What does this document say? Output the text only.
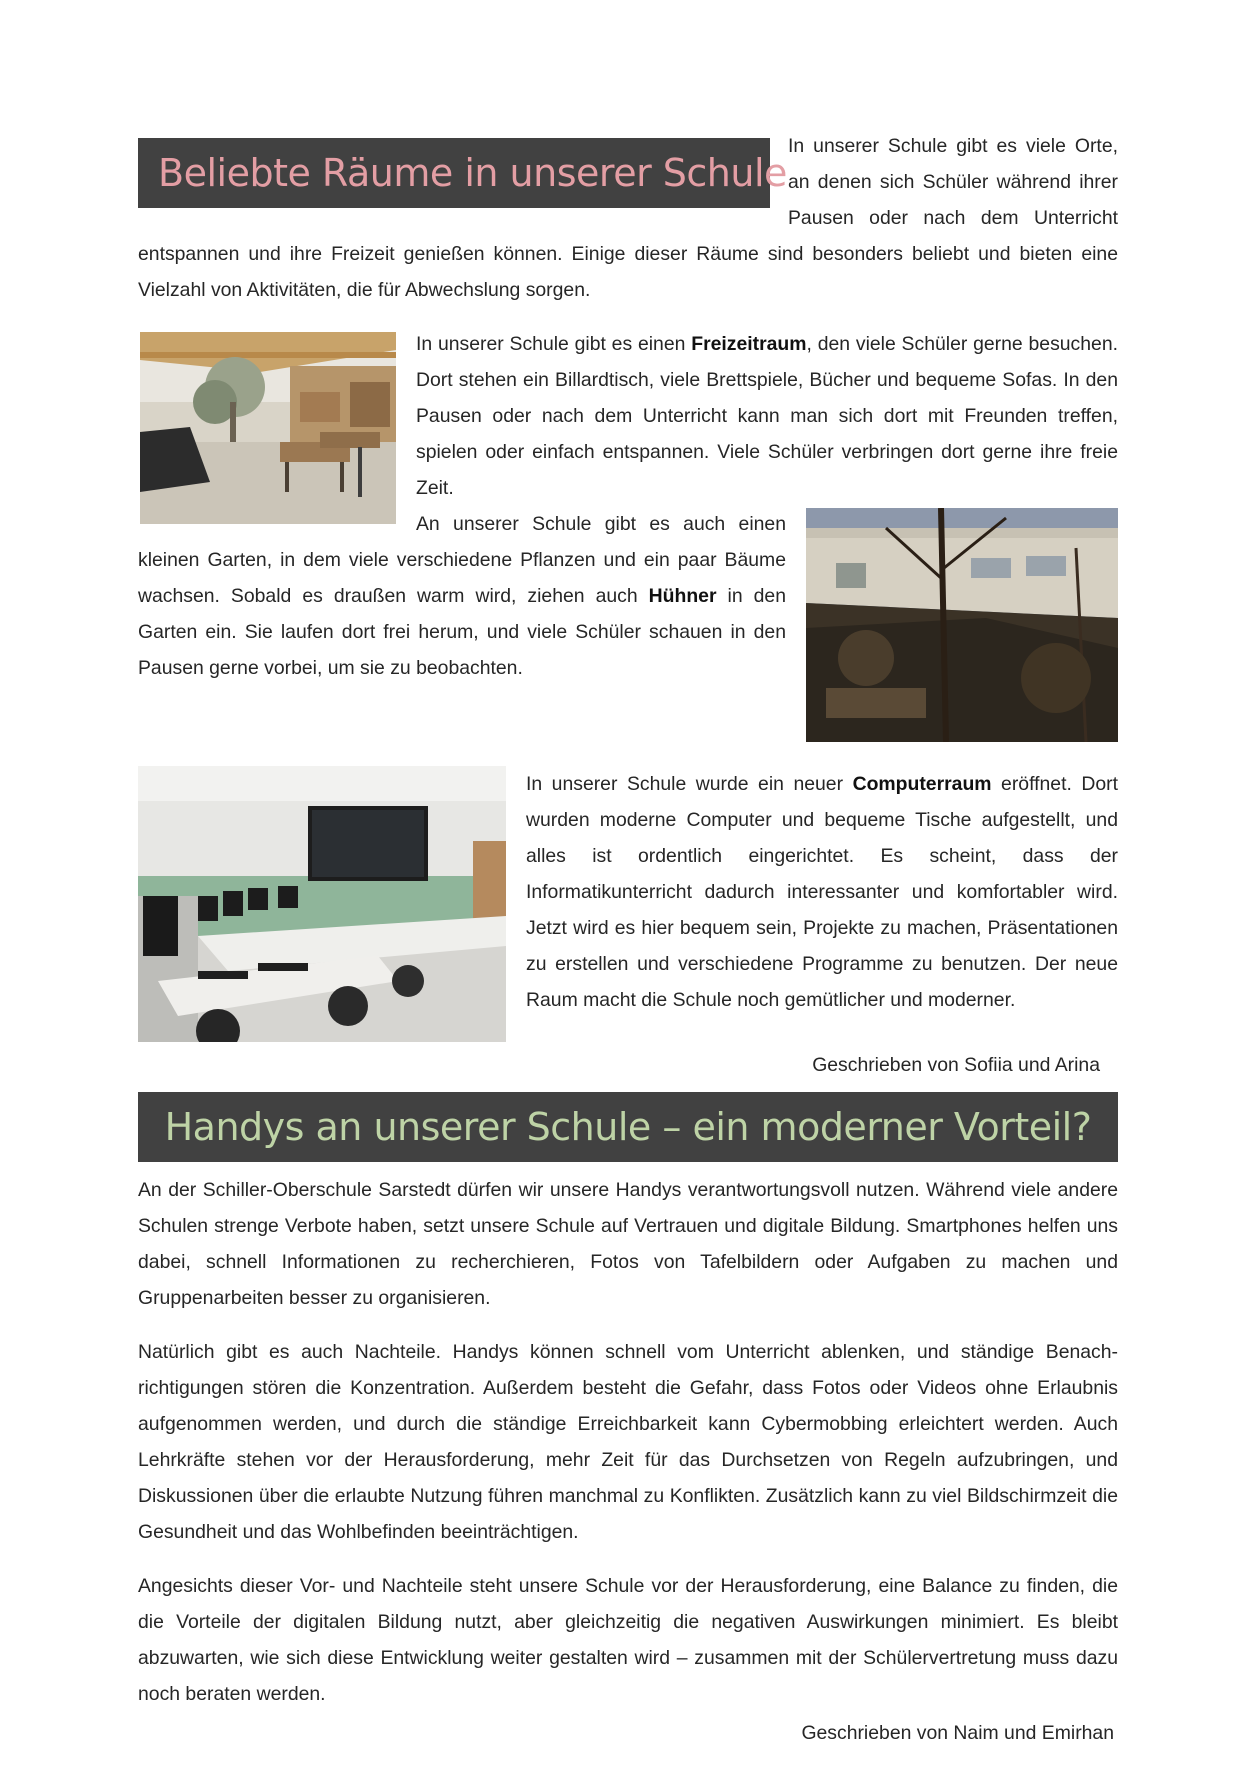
Beliebte Räume in unserer Schule

In unserer Schule gibt es viele Orte, an denen sich Schüler während ihrer Pausen oder nach dem Unterricht entspannen und ihre Freizeit genießen können. Einige dieser Räume sind besonders beliebt und bieten eine Vielzahl von Aktivitäten, die für Abwechslung sorgen.

In unserer Schule gibt es einen Freizeitraum, den viele Schüler gerne besuchen. Dort stehen ein Billardtisch, viele Brettspiele, Bücher und bequeme Sofas. In den Pausen oder nach dem Unterricht kann man sich dort mit Freunden treffen, spielen oder einfach entspannen. Viele Schüler verbringen dort gerne ihre freie Zeit.

An unserer Schule gibt es auch einen kleinen Garten, in dem viele verschiedene Pflanzen und ein paar Bäume wachsen. Sobald es draußen warm wird, ziehen auch Hühner in den Garten ein. Sie laufen dort frei herum, und viele Schüler schauen in den Pausen gerne vorbei, um sie zu beobachten.

In unserer Schule wurde ein neuer Computerraum eröffnet. Dort wurden moderne Computer und bequeme Tische aufgestellt, und alles ist ordentlich eingerichtet. Es scheint, dass der Informatikunterricht dadurch interessanter und komfortabler wird. Jetzt wird es hier bequem sein, Projekte zu machen, Präsentationen zu erstellen und verschiedene Programme zu benutzen. Der neue Raum macht die Schule noch gemütlicher und moderner.

Geschrieben von Sofiia und Arina

Handys an unserer Schule – ein moderner Vorteil?

An der Schiller-Oberschule Sarstedt dürfen wir unsere Handys verantwortungsvoll nutzen. Während viele andere Schulen strenge Verbote haben, setzt unsere Schule auf Vertrauen und digitale Bildung. Smartphones helfen uns dabei, schnell Informationen zu recherchieren, Fotos von Tafelbildern oder Aufgaben zu machen und Gruppenarbeiten besser zu organisieren.

Natürlich gibt es auch Nachteile. Handys können schnell vom Unterricht ablenken, und ständige Benachrichtigungen stören die Konzentration. Außerdem besteht die Gefahr, dass Fotos oder Videos ohne Erlaubnis aufgenommen werden, und durch die ständige Erreichbarkeit kann Cybermobbing erleichtert werden. Auch Lehrkräfte stehen vor der Herausforderung, mehr Zeit für das Durchsetzen von Regeln aufzubringen, und Diskussionen über die erlaubte Nutzung führen manchmal zu Konflikten. Zusätzlich kann zu viel Bildschirmzeit die Gesundheit und das Wohlbefinden beeinträchtigen.

Angesichts dieser Vor- und Nachteile steht unsere Schule vor der Herausforderung, eine Balance zu finden, die die Vorteile der digitalen Bildung nutzt, aber gleichzeitig die negativen Auswirkungen minimiert. Es bleibt abzuwarten, wie sich diese Entwicklung weiter gestalten wird – zusammen mit der Schülervertretung muss dazu noch beraten werden.

Geschrieben von Naim und Emirhan
